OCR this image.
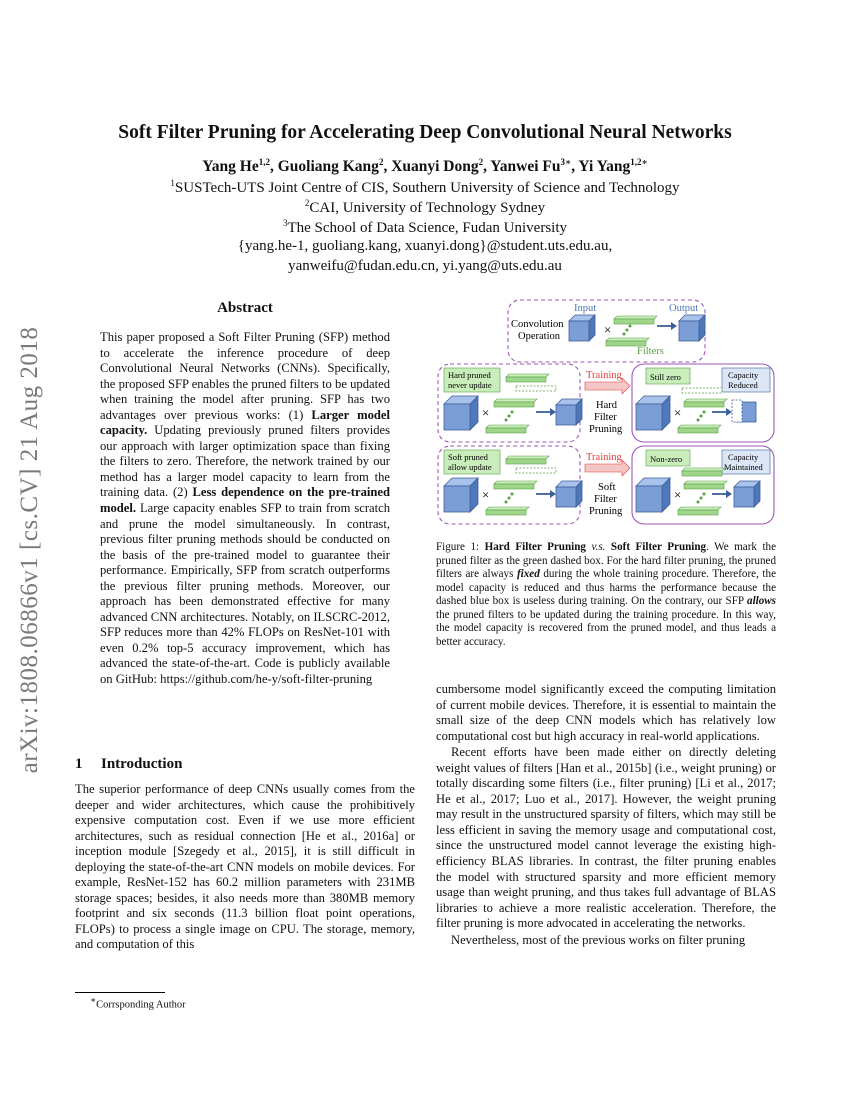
arXiv:1808.06866v1 [cs.CV] 21 Aug 2018
Soft Filter Pruning for Accelerating Deep Convolutional Neural Networks
Yang He$^{1,2}$, Guoliang Kang$^2$, Xuanyi Dong$^2$, Yanwei $Fu^{3∗}$, Yi Yang$^{1,2∗}$
$^1$SUSTech-UTS Joint Centre of CIS, Southern University of Science and Technology
$^2$CAI, University of Technology Sydney
$^3$The School of Data Science, Fudan University
{yang.he-1, guoliang.kang, xuanyi.dong}@student.uts.edu.au,
yanweifu@fudan.edu.cn, yi.yang@uts.edu.au
Abstract
This paper proposed a Soft Filter Pruning (SFP) method to accelerate the inference procedure of deep Convolutional Neural Networks (CNNs). Specifically, the proposed SFP enables the pruned filters to be updated when training the model after pruning. SFP has two advantages over previous works: (1) Larger model capacity. Updating previously pruned filters provides our approach with larger optimization space than fixing the filters to zero. Therefore, the network trained by our method has a larger model capacity to learn from the training data. (2) Less dependence on the pre-trained model. Large capacity enables SFP to train from scratch and prune the model simultaneously. In contrast, previous filter pruning methods should be conducted on the basis of the pre-trained model to guarantee their performance. Empirically, SFP from scratch outperforms the previous filter pruning methods. Moreover, our approach has been demonstrated effective for many advanced CNN architectures. Notably, on ILSCRC-2012, SFP reduces more than 42% FLOPs on ResNet-101 with even 0.2% top-5 accuracy improvement, which has advanced the state-of-the-art. Code is publicly available on GitHub: https://github.com/he-y/soft-filter-pruning
1 Introduction
The superior performance of deep CNNs usually comes from the deeper and wider architectures, which cause the prohibitively expensive computation cost. Even if we use more efficient architectures, such as residual connection [He et al., 2016a] or inception module [Szegedy et al., 2015], it is still difficult in deploying the state-of-the-art CNN models on mobile devices. For example, ResNet-152 has 60.2 million parameters with 231MB storage spaces; besides, it also needs more than 380MB memory footprint and six seconds (11.3 billion float point operations, FLOPs) to process a single image on CPU. The storage, memory, and computation of this
∗Corrsponding Author
Convolution
Operation
Input
×
Filters
Output
Hard pruned
never update
×
Training
Hard
Filter
Pruning
Still zero	Capacity
Reduced
×
Soft pruned
allow update
×
Training
Soft
Filter
Pruning
Non-zero	Capacity
Maintained
×
Figure 1: Hard Filter Pruning v.s. Soft Filter Pruning. We mark the pruned filter as the green dashed box. For the hard filter pruning, the pruned filters are always fixed during the whole training procedure. Therefore, the model capacity is reduced and thus harms the performance because the dashed blue box is useless during training. On the contrary, our SFP allows the pruned filters to be updated during the training procedure. In this way, the model capacity is recovered from the pruned model, and thus leads a better accuracy.
cumbersome model significantly exceed the computing limitation of current mobile devices. Therefore, it is essential to maintain the small size of the deep CNN models which has relatively low computational cost but high accuracy in real-world applications.
Recent efforts have been made either on directly deleting weight values of filters [Han et al., 2015b] (i.e., weight pruning) or totally discarding some filters (i.e., filter pruning) [Li et al., 2017; He et al., 2017; Luo et al., 2017]. However, the weight pruning may result in the unstructured sparsity of filters, which may still be less efficient in saving the memory usage and computational cost, since the unstructured model cannot leverage the existing high-efficiency BLAS libraries. In contrast, the filter pruning enables the model with structured sparsity and more efficient memory usage than weight pruning, and thus takes full advantage of BLAS libraries to achieve a more realistic acceleration. Therefore, the filter pruning is more advocated in accelerating the networks.
Nevertheless, most of the previous works on filter pruning
